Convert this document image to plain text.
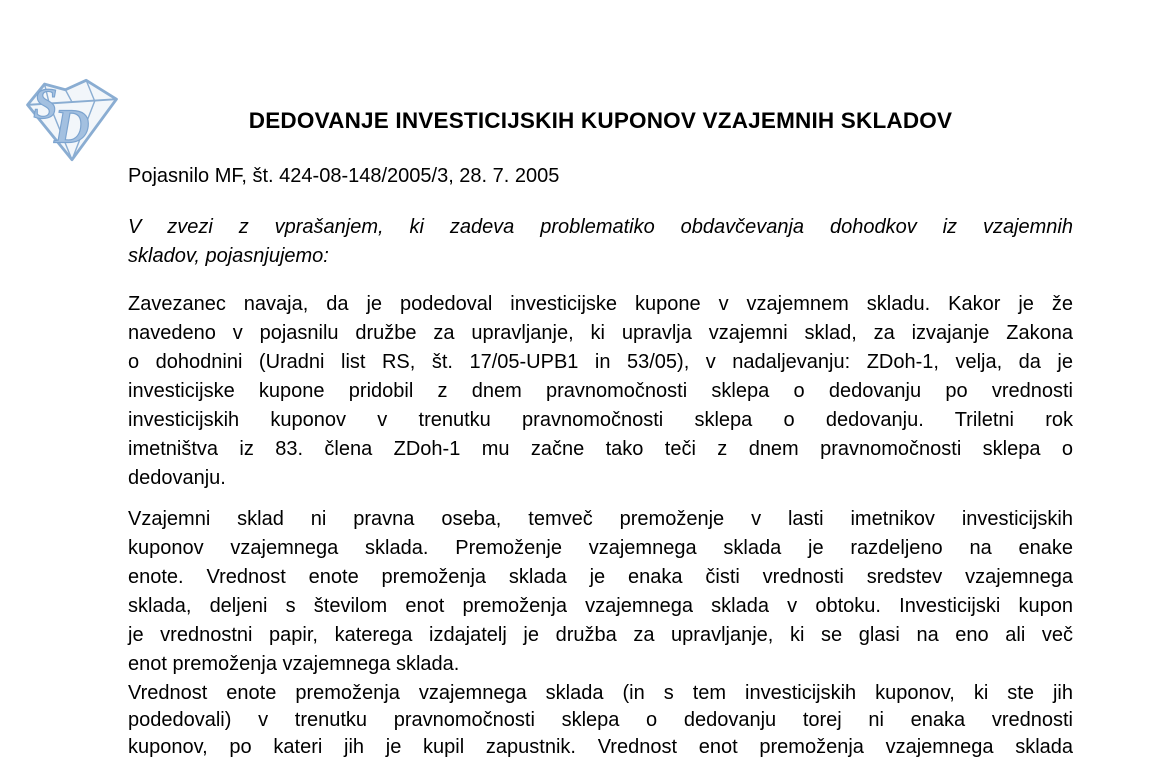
S
D	DEDOVANJE INVESTICIJSKIH KUPONOV VZAJEMNIH SKLADOV
Pojasnilo MF, št. 424-08-148/2005/3, 28. 7. 2005
V zvezi z vprašanjem, ki zadeva problematiko obdavčevanja dohodkov iz vzajemnih
skladov, pojasnjujemo:
Zavezanec navaja, da je podedoval investicijske kupone v vzajemnem skladu. Kakor je že
navedeno v pojasnilu družbe za upravljanje, ki upravlja vzajemni sklad, za izvajanje Zakona
o dohodnini (Uradni list RS, št. 17/05-UPB1 in 53/05), v nadaljevanju: ZDoh-1, velja, da je
investicijske kupone pridobil z dnem pravnomočnosti sklepa o dedovanju po vrednosti
investicijskih kuponov v trenutku pravnomočnosti sklepa o dedovanju. Triletni rok
imetništva iz 83. člena ZDoh-1 mu začne tako teči z dnem pravnomočnosti sklepa o
dedovanju.
Vzajemni sklad ni pravna oseba, temveč premoženje v lasti imetnikov investicijskih
kuponov vzajemnega sklada. Premoženje vzajemnega sklada je razdeljeno na enake
enote. Vrednost enote premoženja sklada je enaka čisti vrednosti sredstev vzajemnega
sklada, deljeni s številom enot premoženja vzajemnega sklada v obtoku. Investicijski kupon
je vrednostni papir, katerega izdajatelj je družba za upravljanje, ki se glasi na eno ali več
enot premoženja vzajemnega sklada.
Vrednost enote premoženja vzajemnega sklada (in s tem investicijskih kuponov, ki ste jih
podedovali) v trenutku pravnomočnosti sklepa o dedovanju torej ni enaka vrednosti
kuponov, po kateri jih je kupil zapustnik. Vrednost enot premoženja vzajemnega sklada
